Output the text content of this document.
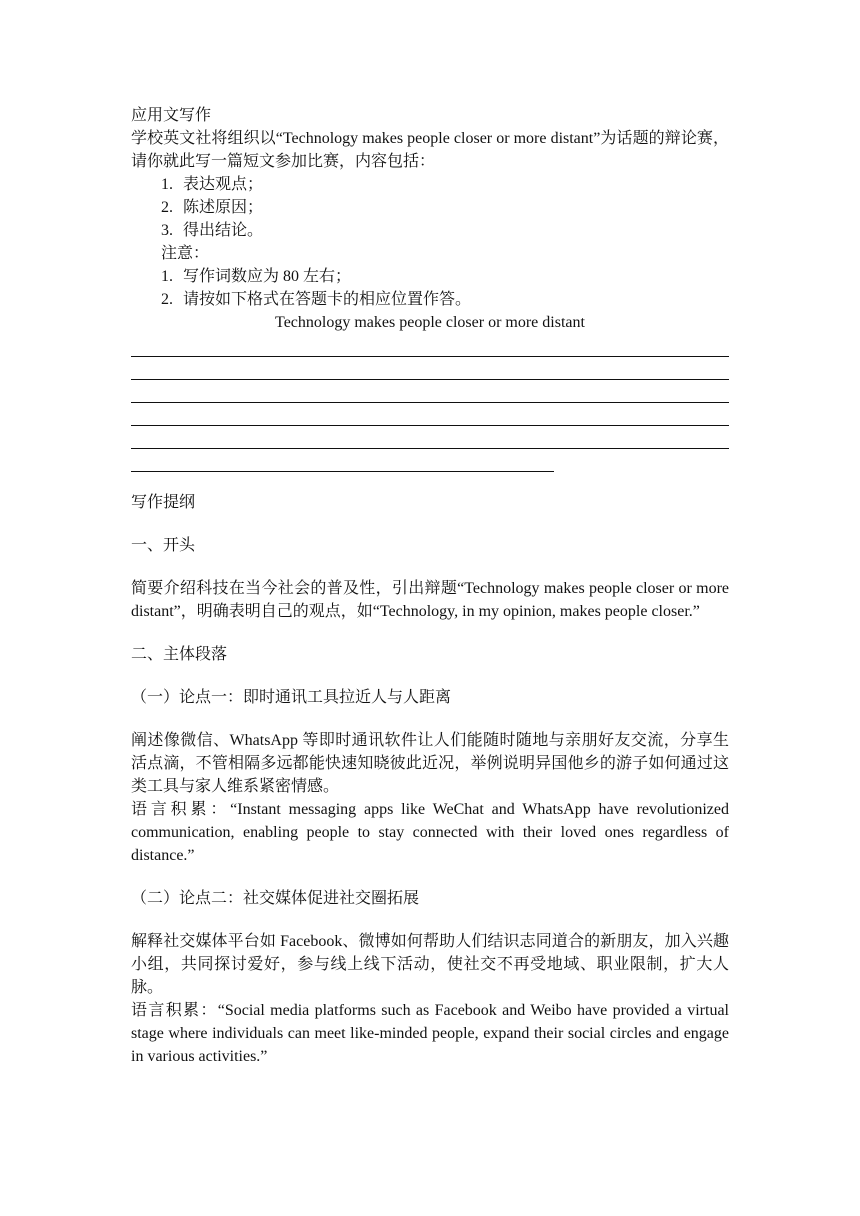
应用文写作
学校英文社将组织以“Technology makes people closer or more distant”为话题的辩论赛，请你就此写一篇短文参加比赛，内容包括：
1. 表达观点；
2. 陈述原因；
3. 得出结论。
注意：
1. 写作词数应为 80 左右；
2. 请按如下格式在答题卡的相应位置作答。
Technology makes people closer or more distant
写作提纲
一、开头
简要介绍科技在当今社会的普及性，引出辩题“Technology makes people closer or more distant”，明确表明自己的观点，如“Technology, in my opinion, makes people closer.”
二、主体段落
（一）论点一：即时通讯工具拉近人与人距离
阐述像微信、WhatsApp 等即时通讯软件让人们能随时随地与亲朋好友交流，分享生活点滴，不管相隔多远都能快速知晓彼此近况，举例说明异国他乡的游子如何通过这类工具与家人维系紧密情感。
语言积累：“Instant messaging apps like WeChat and WhatsApp have revolutionized communication, enabling people to stay connected with their loved ones regardless of distance.”
（二）论点二：社交媒体促进社交圈拓展
解释社交媒体平台如 Facebook、微博如何帮助人们结识志同道合的新朋友，加入兴趣小组，共同探讨爱好，参与线上线下活动，使社交不再受地域、职业限制，扩大人脉。
语言积累：“Social media platforms such as Facebook and Weibo have provided a virtual stage where individuals can meet like-minded people, expand their social circles and engage in various activities.”
